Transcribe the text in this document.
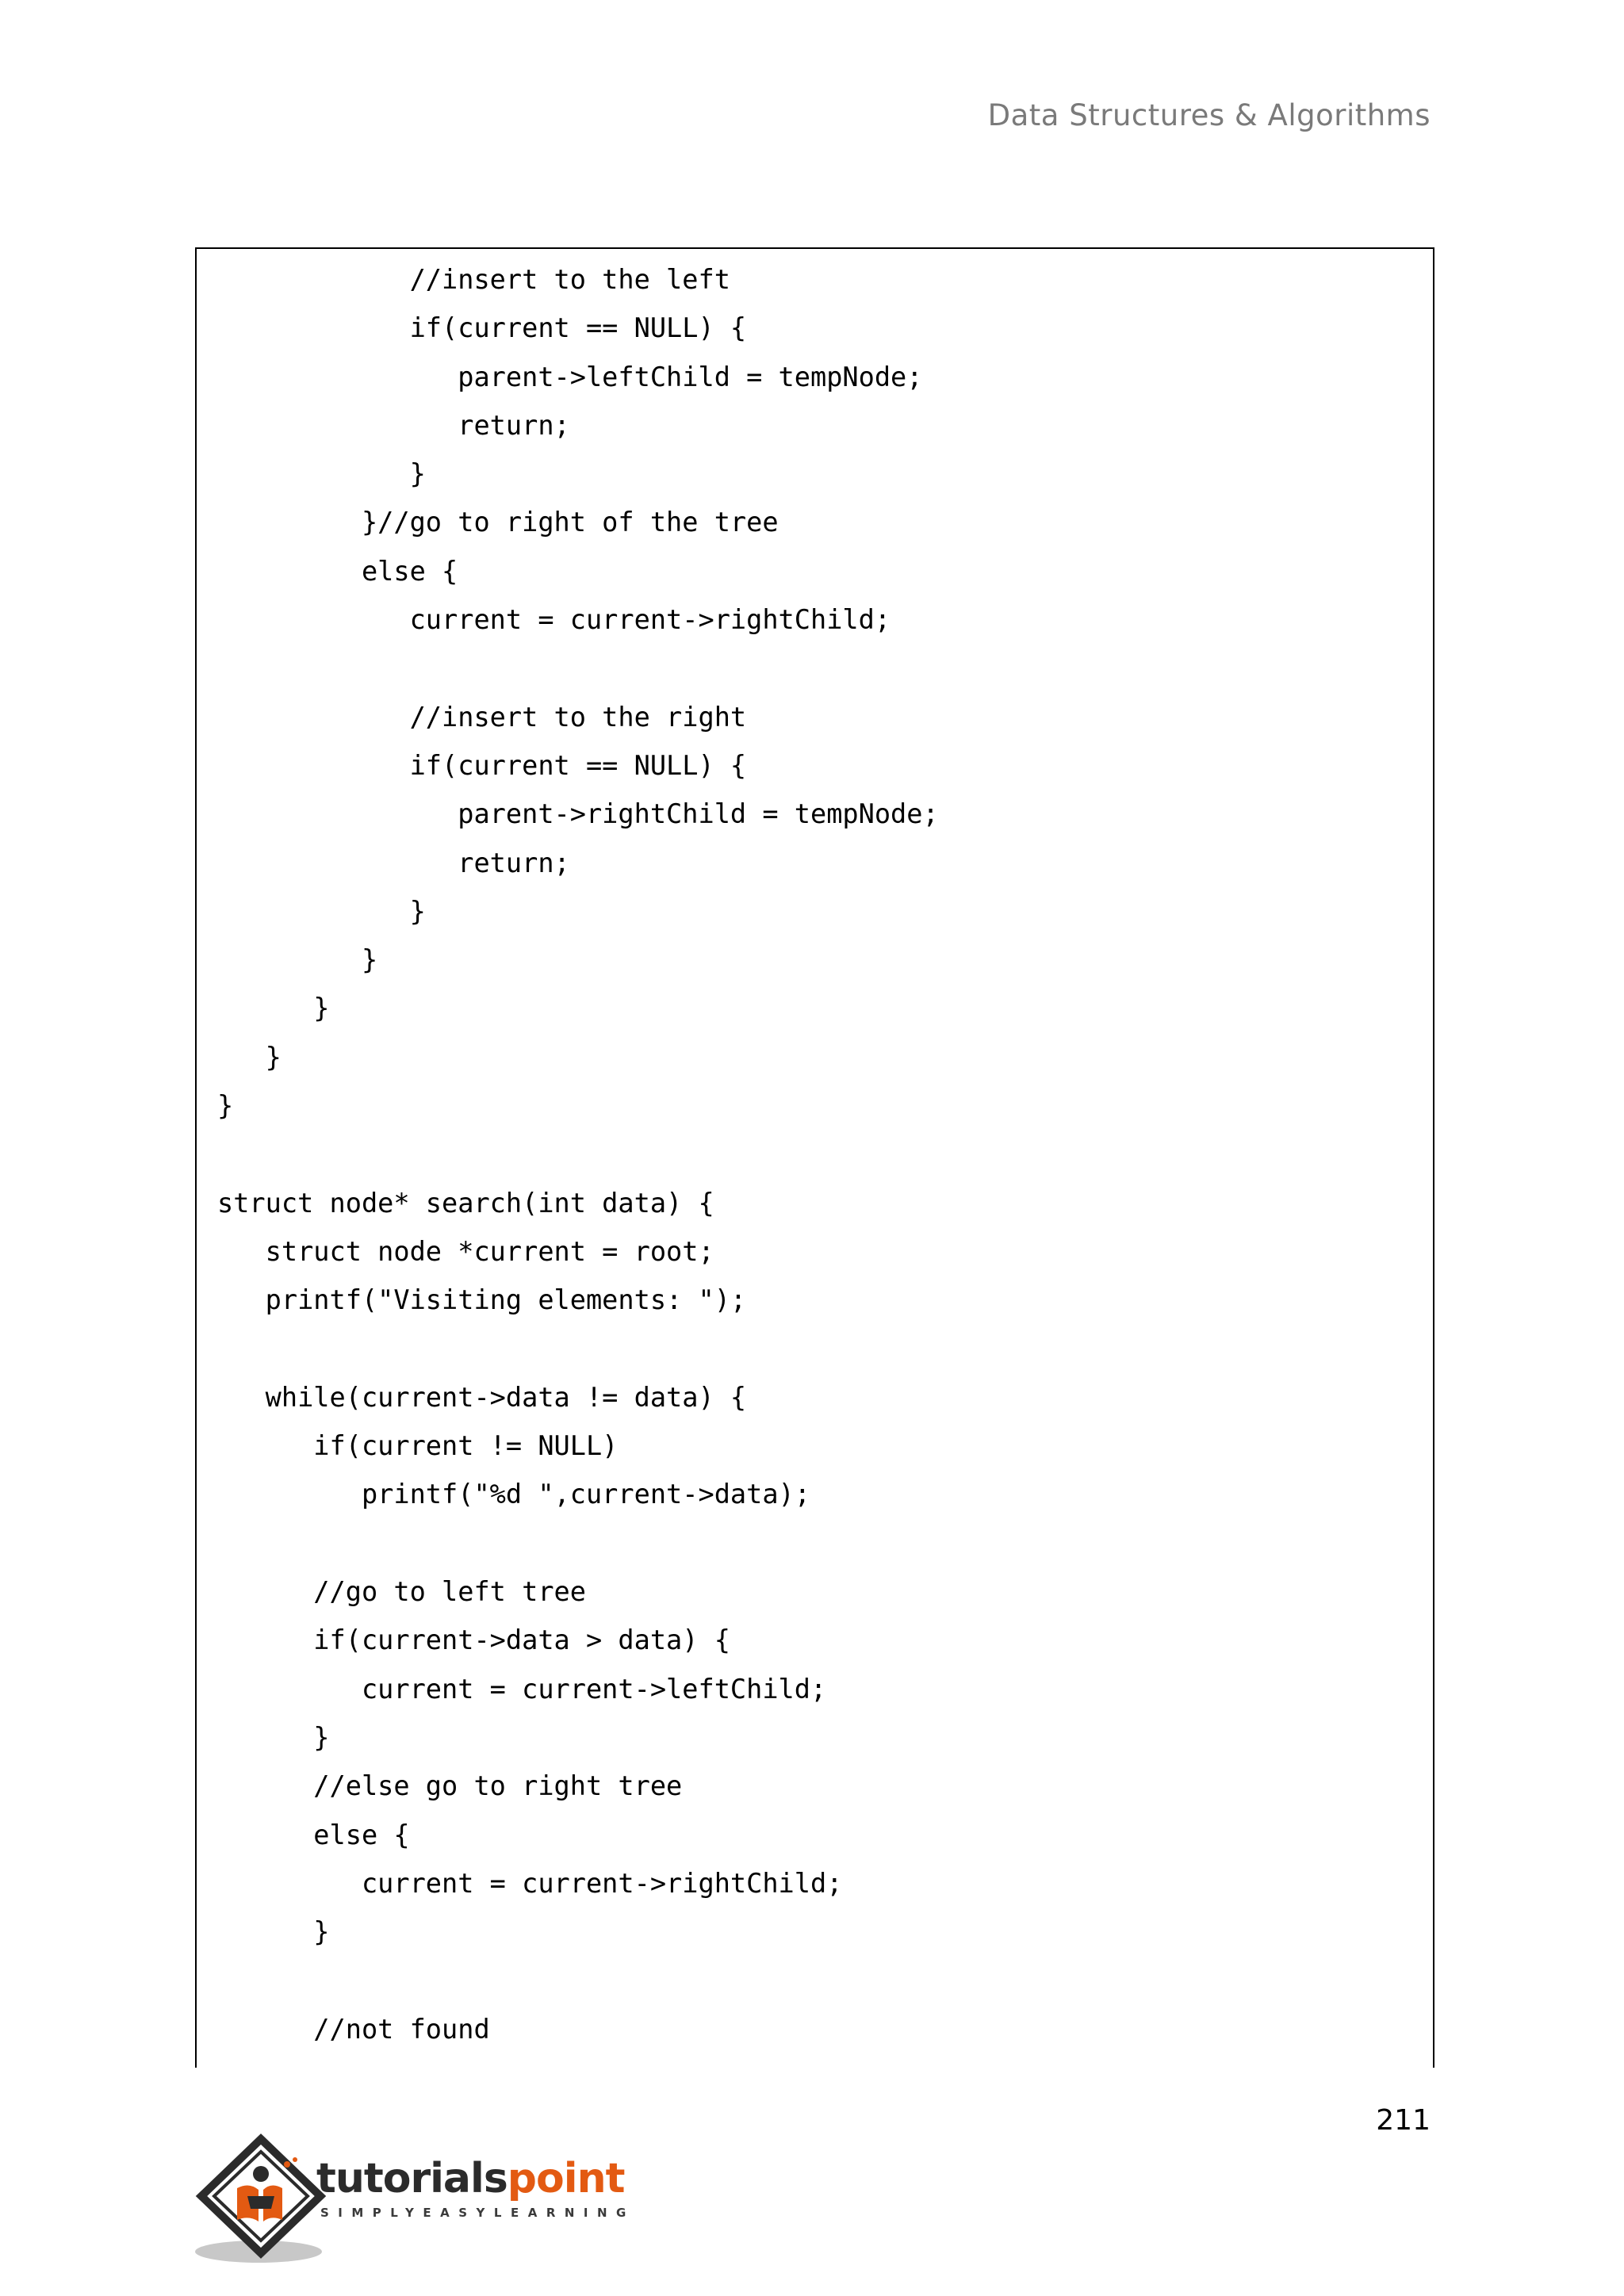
Data Structures & Algorithms
//insert to the left
if(current == NULL) {
parent->leftChild = tempNode;
return;
}
}//go to right of the tree
else {
current = current->rightChild;
//insert to the right
if(current == NULL) {
parent->rightChild = tempNode;
return;
}
}
}
}
}
struct node* search(int data) {
struct node *current = root;
printf("Visiting elements: ");
while(current->data != data) {
if(current != NULL)
printf("%d ",current->data);
//go to left tree
if(current->data > data) {
current = current->leftChild;
}
//else go to right tree
else {
current = current->rightChild;
}
//not found
211
tutorialspoint
SIMPLYEASYLEARNING
